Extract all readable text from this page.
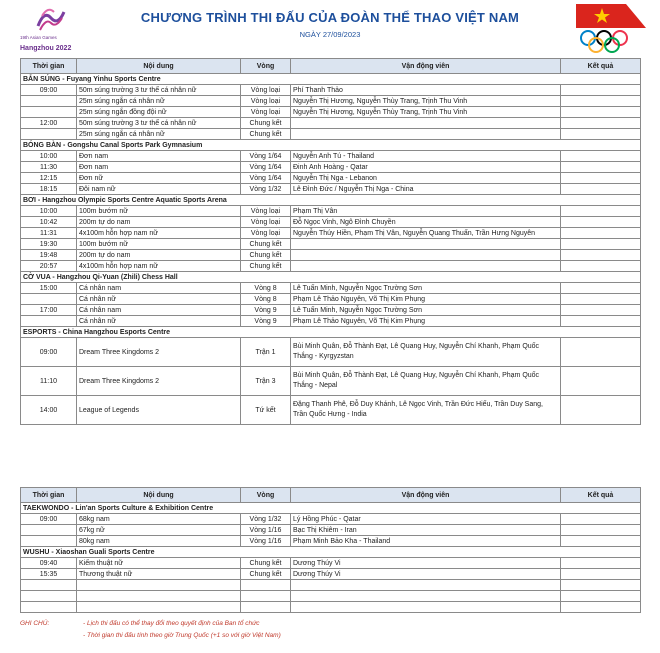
19th Asian Games
Hangzhou 2022
CHƯƠNG TRÌNH THI ĐẤU CỦA ĐOÀN THỂ THAO VIỆT NAM
NGÀY 27/09/2023
Thời gian	Nội dung	Vòng	Vận động viên	Kết quả
BẮN SÚNG - Fuyang Yinhu Sports Centre				
09:00	50m súng trường 3 tư thế cá nhân nữ	Vòng loại	Phí Thanh Thảo	
	25m súng ngắn cá nhân nữ	Vòng loại	Nguyễn Thị Hương, Nguyễn Thùy Trang, Trịnh Thu Vinh	
	25m súng ngắn đồng đội nữ	Vòng loại	Nguyễn Thị Hương, Nguyễn Thùy Trang, Trịnh Thu Vinh	
12:00	50m súng trường 3 tư thế cá nhân nữ	Chung kết		
	25m súng ngắn cá nhân nữ	Chung kết		
BÓNG BÀN - Gongshu Canal Sports Park Gymnasium				
10:00	Đơn nam	Vòng 1/64	Nguyễn Anh Tú - Thailand	
11:30	Đơn nam	Vòng 1/64	Đinh Anh Hoàng - Qatar	
12:15	Đơn nữ	Vòng 1/64	Nguyễn Thị Nga - Lebanon	
18:15	Đôi nam nữ	Vòng 1/32	Lê Đình Đức / Nguyễn Thị Nga - China	
BƠI - Hangzhou Olympic Sports Centre Aquatic Sports Arena				
10:00	100m bướm nữ	Vòng loại	Phạm Thị Vân	
10:42	200m tự do nam	Vòng loại	Đỗ Ngọc Vinh, Ngô Đình Chuyền	
11:31	4x100m hỗn hợp nam nữ	Vòng loại	Nguyễn Thúy Hiền, Phạm Thị Vân, Nguyễn Quang Thuấn, Trần Hưng Nguyên	
19:30	100m bướm nữ	Chung kết		
19:48	200m tự do nam	Chung kết		
20:57	4x100m hỗn hợp nam nữ	Chung kết		
CỜ VUA - Hangzhou Qi-Yuan (Zhili) Chess Hall				
15:00	Cá nhân nam	Vòng 8	Lê Tuấn Minh, Nguyễn Ngọc Trường Sơn	
	Cá nhân nữ	Vòng 8	Phạm Lê Thảo Nguyên, Võ Thị Kim Phụng	
17:00	Cá nhân nam	Vòng 9	Lê Tuấn Minh, Nguyễn Ngọc Trường Sơn	
	Cá nhân nữ	Vòng 9	Phạm Lê Thảo Nguyên, Võ Thị Kim Phụng	
ESPORTS - China Hangzhou Esports Centre				
09:00	Dream Three Kingdoms 2	Trận 1	Bùi Minh Quân, Đỗ Thành Đạt, Lê Quang Huy, Nguyễn Chí Khanh, Phạm Quốc Thắng - Kyrgyzstan	
11:10	Dream Three Kingdoms 2	Trận 3	Bùi Minh Quân, Đỗ Thành Đạt, Lê Quang Huy, Nguyễn Chí Khanh, Phạm Quốc Thắng - Nepal	
14:00	League of Legends	Tứ kết	Đặng Thanh Phê, Đỗ Duy Khánh, Lê Ngọc Vinh, Trần Đức Hiếu, Trần Duy Sang, Trần Quốc Hưng - India	
Thời gian	Nội dung	Vòng	Vận động viên	Kết quả
TAEKWONDO - Lin'an Sports Culture & Exhibition Centre				
09:00	68kg nam	Vòng 1/32	Lý Hồng Phúc - Qatar	
	67kg nữ	Vòng 1/16	Bạc Thị Khiêm - Iran	
	80kg nam	Vòng 1/16	Phạm Minh Bảo Kha - Thailand	
WUSHU - Xiaoshan Guali Sports Centre				
09:40	Kiếm thuật nữ	Chung kết	Dương Thúy Vi	
15:35	Thương thuật nữ	Chung kết	Dương Thúy Vi	

GHI CHÚ:	- Lịch thi đấu có thể thay đổi theo quyết định của Ban tổ chức
- Thời gian thi đấu tính theo giờ Trung Quốc (+1 so với giờ Việt Nam)
